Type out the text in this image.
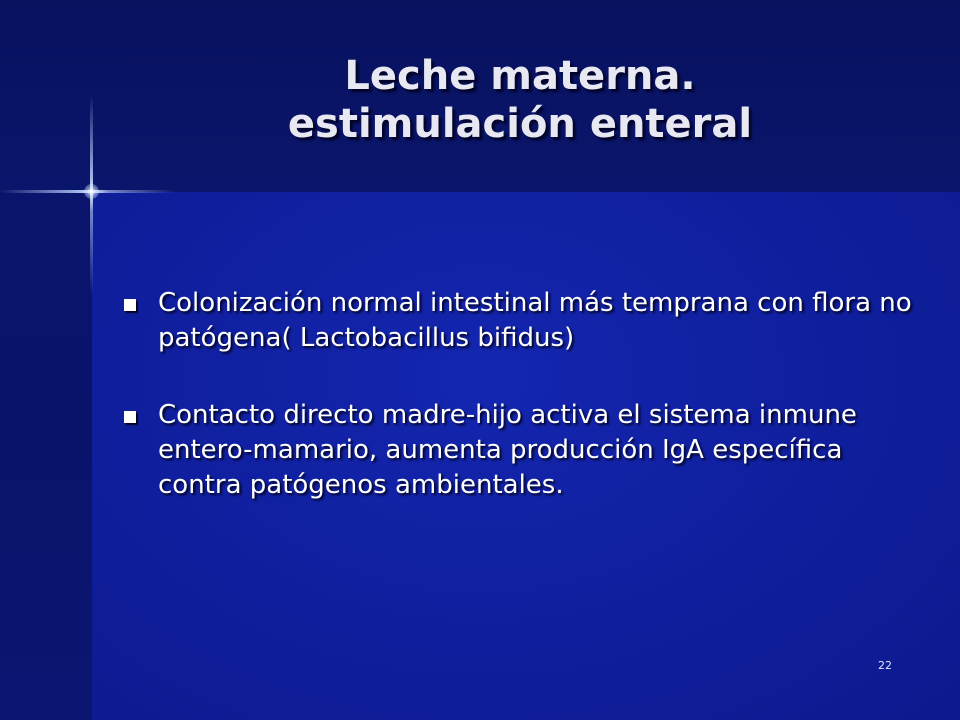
Leche materna.
estimulación enteral
Colonización normal intestinal más temprana con flora no patógena( Lactobacillus bifidus)
Contacto directo madre-hijo activa el sistema inmune entero-mamario, aumenta producción IgA específica contra patógenos ambientales.
22
